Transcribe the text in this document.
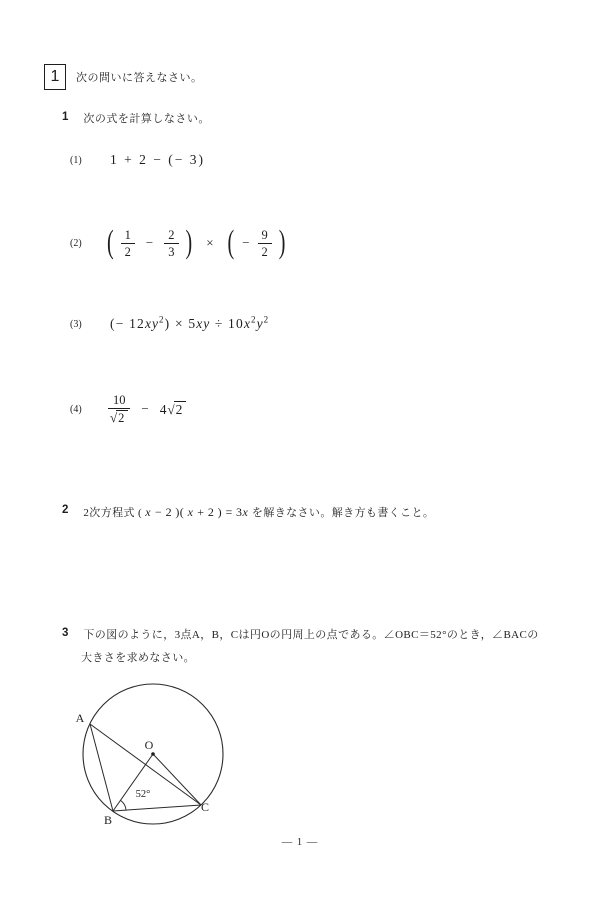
1	次の問いに答えなさい。
1 次の式を計算しなさい。
(1)	1 + 2 − (− 3)
(2)	( $\frac{1}{2} - \frac{2}{3}$ ) × ( − $\frac{9}{2}$ )
(3)	(− $12xy^2) \times 5xy \div 10x^2y^2$
(4)	$\frac{10}{√2} - 4√2$
2 2次方程式 ( x − 2 )( x + 2 ) = 3x を解きなさい。解き方も書くこと。
3 下の図のように，3点A，B，Cは円Oの円周上の点である。∠OBC＝52°のとき，∠BACの
大きさを求めなさい。
A
O
B
C
52°
— 1 —
